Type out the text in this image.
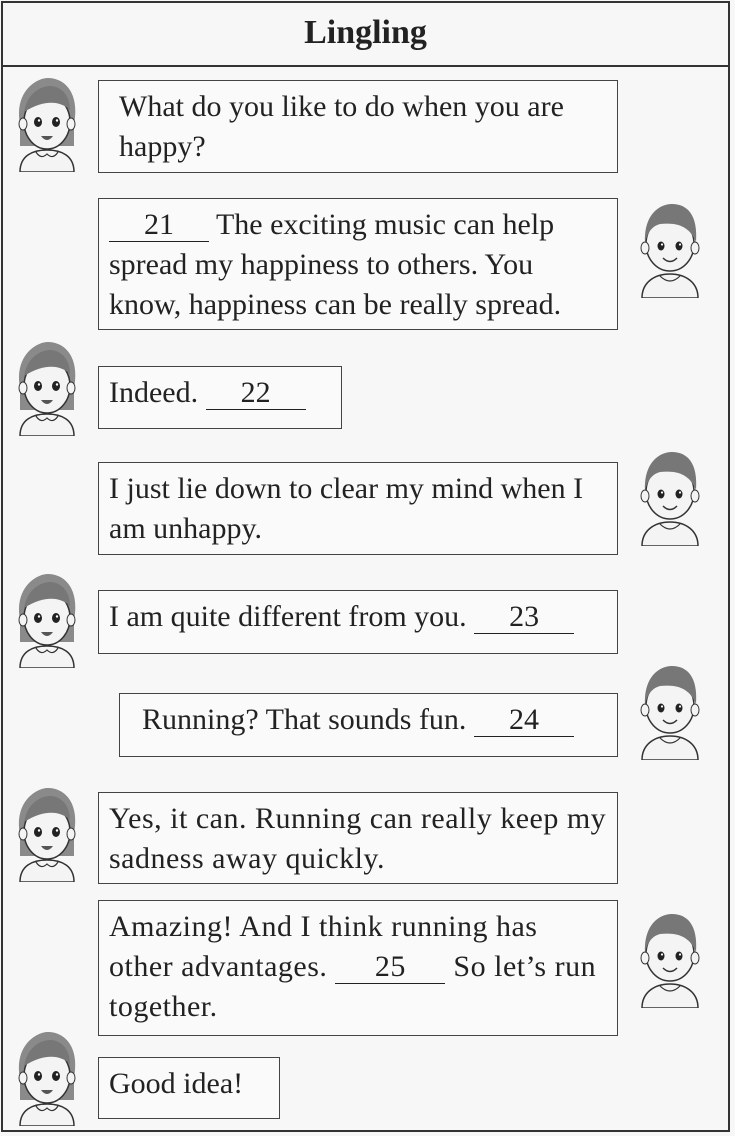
Lingling
What do you like to do when you are happy?
21 The exciting music can help spread my happiness to others. You know, happiness can be really spread.
Indeed. 22
I just lie down to clear my mind when I am unhappy.
I am quite different from you. 23
Running? That sounds fun. 24
Yes, it can. Running can really keep my sadness away quickly.
Amazing! And I think running has other advantages. 25 So let’s run together.
Good idea!
